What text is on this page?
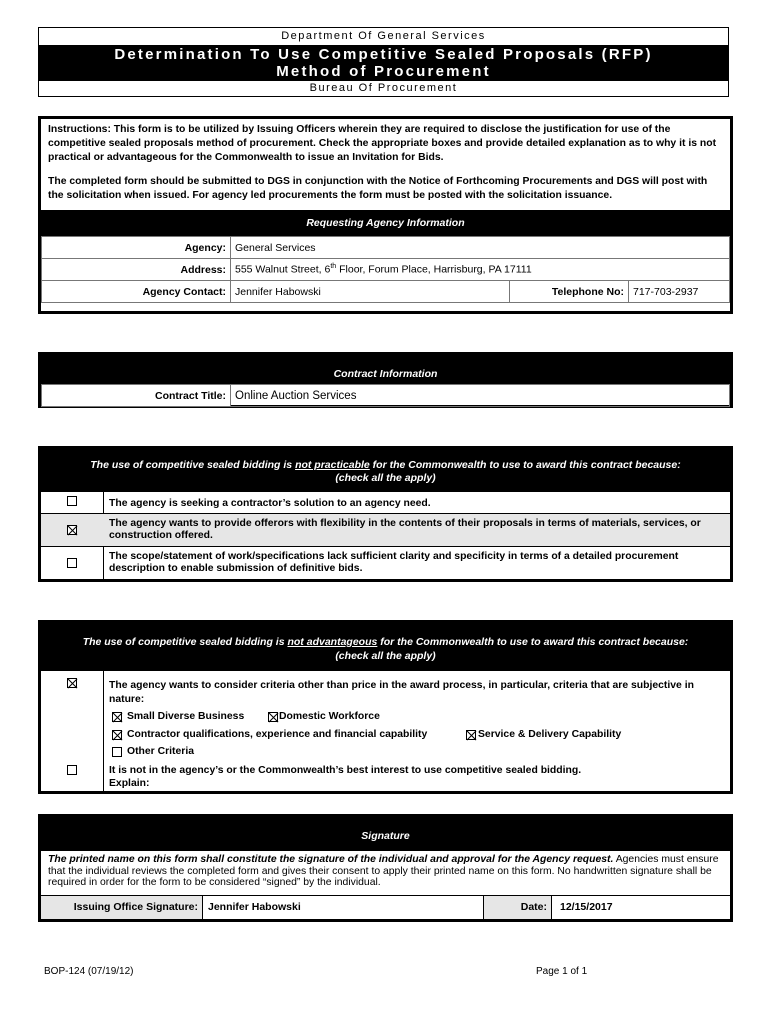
Department Of General Services
Determination To Use Competitive Sealed Proposals (RFP)
Method of Procurement
Bureau Of Procurement

Instructions: This form is to be utilized by Issuing Officers wherein they are required to disclose the justification for use of the competitive sealed proposals method of procurement. Check the appropriate boxes and provide detailed explanation as to why it is not practical or advantageous for the Commonwealth to issue an Invitation for Bids.

The completed form should be submitted to DGS in conjunction with the Notice of Forthcoming Procurements and DGS will post with the solicitation when issued. For agency led procurements the form must be posted with the solicitation issuance.

Requesting Agency Information
Agency:	General Services		
Address:	555 Walnut Street, 6th Floor, Forum Place, Harrisburg, PA 17111		
Agency Contact:	Jennifer Habowski	Telephone No:	717-703-2937
Contract Information
Contract Title:	Online Auction Services
The use of competitive sealed bidding is not practicable for the Commonwealth to use to award this contract because:
(check all the apply)
The agency is seeking a contractor’s solution to an agency need.
The agency wants to provide offerors with flexibility in the contents of their proposals in terms of materials, services, or construction offered.
The scope/statement of work/specifications lack sufficient clarity and specificity in terms of a detailed procurement description to enable submission of definitive bids.
The use of competitive sealed bidding is not advantageous for the Commonwealth to use to award this contract because:
(check all the apply)
The agency wants to consider criteria other than price in the award process, in particular, criteria that are subjective in nature:
Small Diverse Business	Domestic Workforce
Contractor qualifications, experience and financial capability	Service & Delivery Capability
Other Criteria
It is not in the agency’s or the Commonwealth’s best interest to use competitive sealed bidding.
Explain:
Signature
The printed name on this form shall constitute the signature of the individual and approval for the Agency request. Agencies must ensure that the individual reviews the completed form and gives their consent to apply their printed name on this form. No handwritten signature shall be required in order for the form to be considered “signed” by the individual.
Issuing Office Signature: Jennifer Habowski	Date:	12/15/2017
BOP-124 (07/19/12)	Page 1 of 1
